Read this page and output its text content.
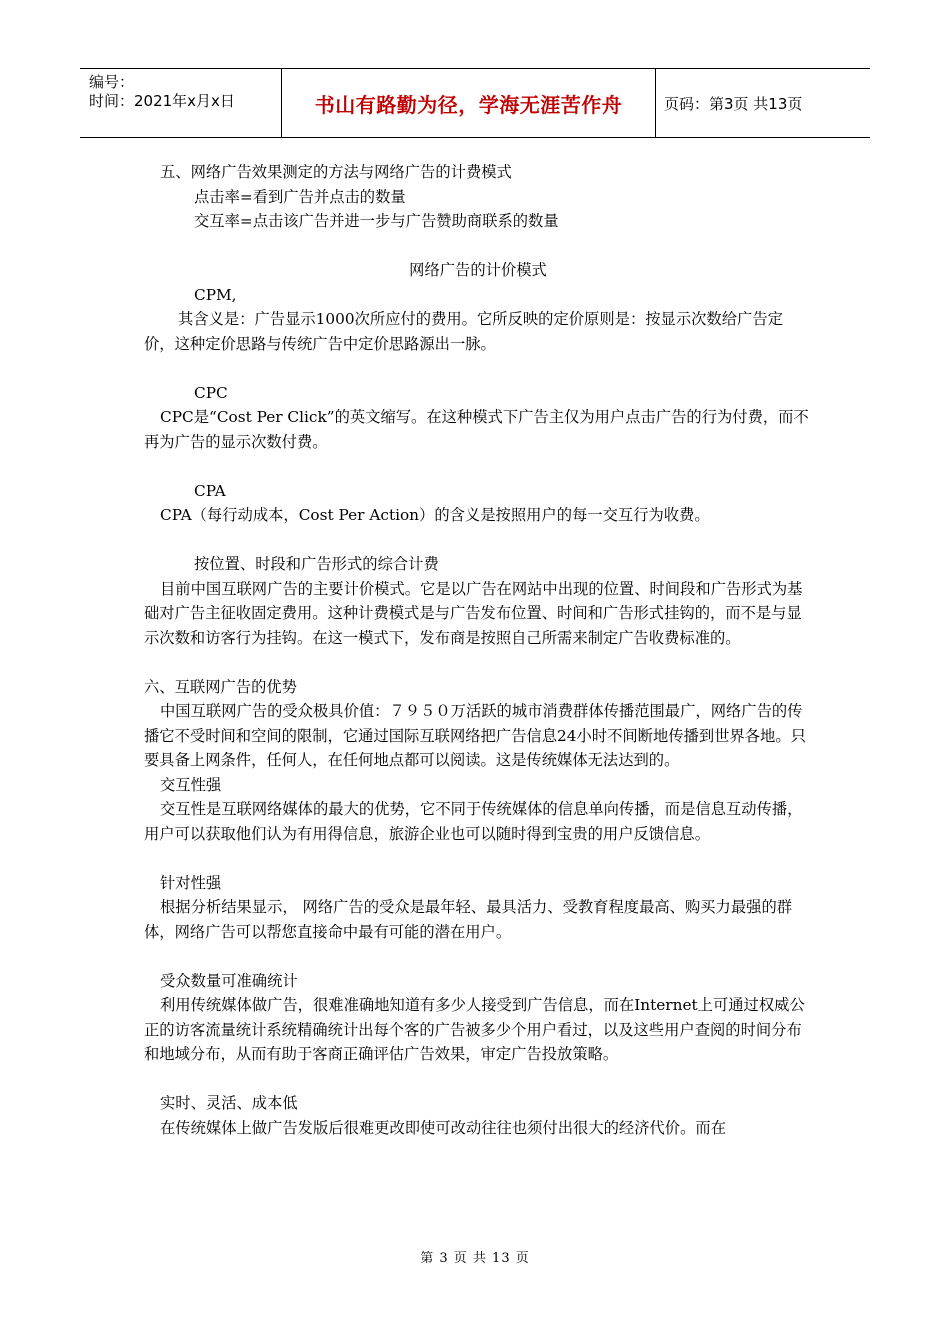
编号：
时间：2021年x月x日	书山有路勤为径，学海无涯苦作舟	页码：第3页 共13页

五、网络广告效果测定的方法与网络广告的计费模式

点击率=看到广告并点击的数量

交互率=点击该广告并进一步与广告赞助商联系的数量

网络广告的计价模式

CPM,

其含义是：广告显示1000次所应付的费用。它所反映的定价原则是：按显示次数给广告定价，这种定价思路与传统广告中定价思路源出一脉。

CPC

CPC是“Cost Per Click”的英文缩写。在这种模式下广告主仅为用户点击广告的行为付费，而不再为广告的显示次数付费。

CPA

CPA（每行动成本，Cost Per Action）的含义是按照用户的每一交互行为收费。

按位置、时段和广告形式的综合计费

目前中国互联网广告的主要计价模式。它是以广告在网站中出现的位置、时间段和广告形式为基础对广告主征收固定费用。这种计费模式是与广告发布位置、时间和广告形式挂钩的，而不是与显示次数和访客行为挂钩。在这一模式下，发布商是按照自己所需来制定广告收费标准的。

六、互联网广告的优势

中国互联网广告的受众极具价值：７９５０万活跃的城市消费群体传播范围最广，网络广告的传播它不受时间和空间的限制，它通过国际互联网络把广告信息24小时不间断地传播到世界各地。只要具备上网条件，任何人，在任何地点都可以阅读。这是传统媒体无法达到的。

交互性强

交互性是互联网络媒体的最大的优势，它不同于传统媒体的信息单向传播，而是信息互动传播，用户可以获取他们认为有用得信息，旅游企业也可以随时得到宝贵的用户反馈信息。

针对性强

根据分析结果显示， 网络广告的受众是最年轻、最具活力、受教育程度最高、购买力最强的群体，网络广告可以帮您直接命中最有可能的潜在用户。

受众数量可准确统计

利用传统媒体做广告，很难准确地知道有多少人接受到广告信息，而在Internet上可通过权威公正的访客流量统计系统精确统计出每个客的广告被多少个用户看过，以及这些用户查阅的时间分布和地域分布，从而有助于客商正确评估广告效果，审定广告投放策略。

实时、灵活、成本低

在传统媒体上做广告发版后很难更改即使可改动往往也须付出很大的经济代价。而在

第 3 页 共 13 页
